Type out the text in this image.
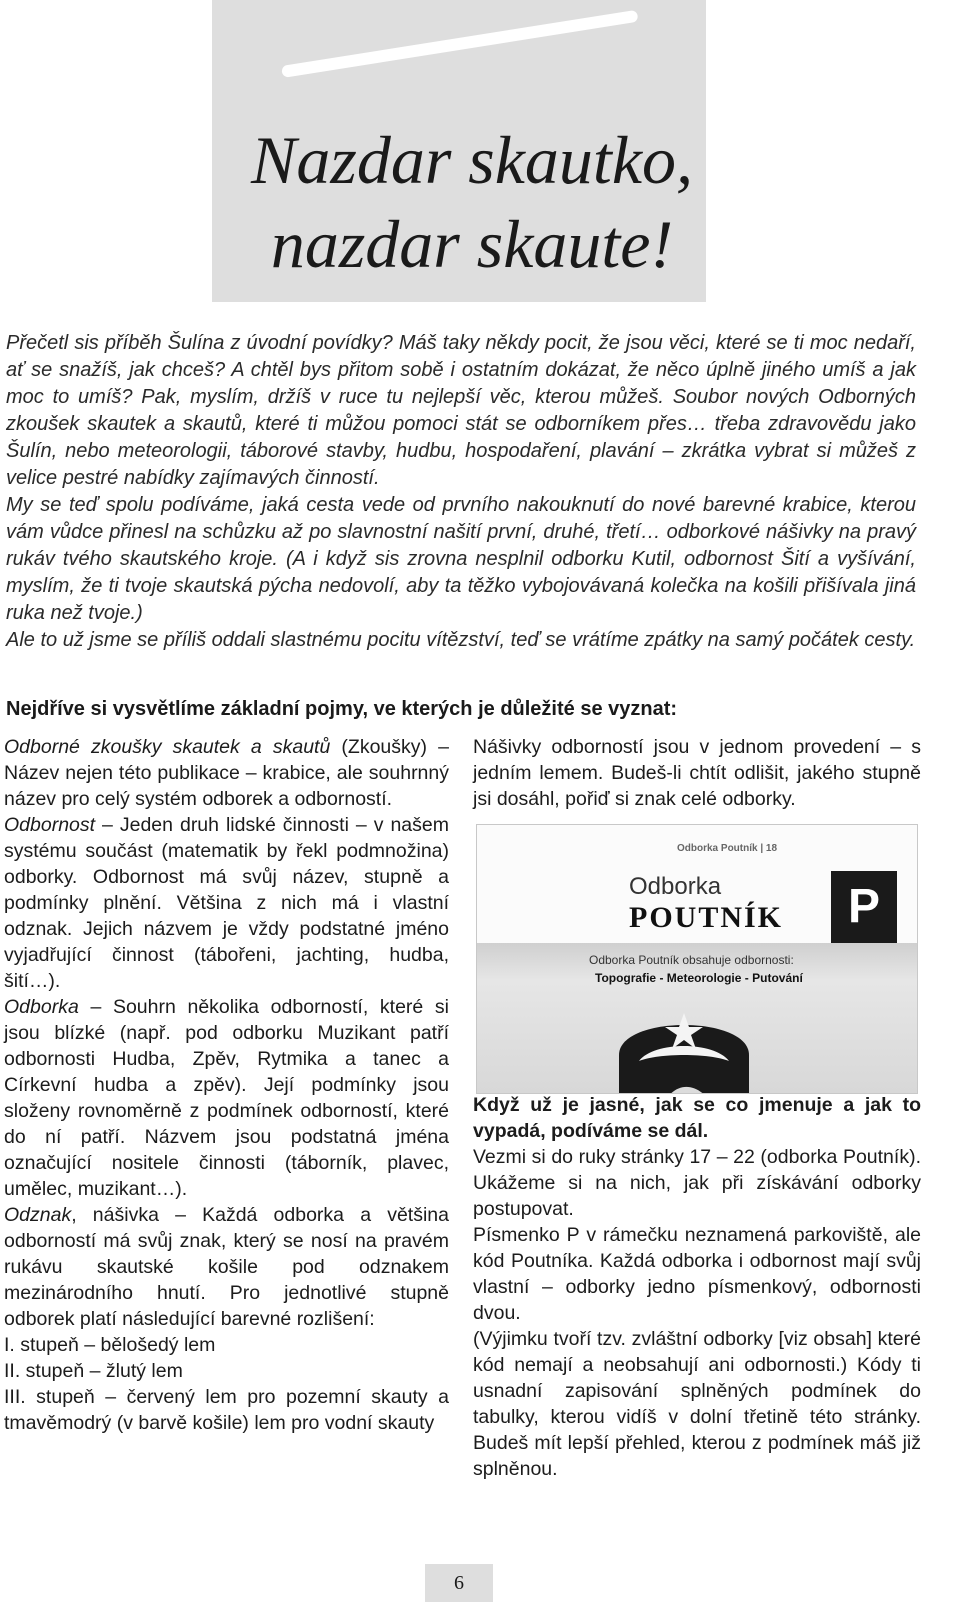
Nazdar skautko,
nazdar skaute!

Přečetl sis příběh Šulína z úvodní povídky? Máš taky někdy pocit, že jsou věci, které se ti moc nedaří, ať se snažíš, jak chceš? A chtěl bys přitom sobě i ostatním dokázat, že něco úplně jiného umíš a jak moc to umíš? Pak, myslím, držíš v ruce tu nejlepší věc, kterou můžeš. Soubor nových Odborných zkoušek skautek a skautů, které ti můžou pomoci stát se odborníkem přes… třeba zdravovědu jako Šulín, nebo meteorologii, táborové stavby, hudbu, hospodaření, plavání – zkrátka vybrat si můžeš z velice pestré nabídky zajímavých činností.

My se teď spolu podíváme, jaká cesta vede od prvního nakouknutí do nové barevné krabice, kterou vám vůdce přinesl na schůzku až po slavnostní našití první, druhé, třetí… odborkové nášivky na pravý rukáv tvého skautského kroje. (A i když sis zrovna nesplnil odborku Kutil, odbornost Šití a vyšívání, myslím, že ti tvoje skautská pýcha nedovolí, aby ta těžko vybojovávaná kolečka na košili přišívala jiná ruka než tvoje.)

Ale to už jsme se příliš oddali slastnému pocitu vítězství, teď se vrátíme zpátky na samý počátek cesty.

Nejdříve si vysvětlíme základní pojmy, ve kterých je důležité se vyznat:

Odborné zkoušky skautek a skautů (Zkoušky) – Název nejen této publikace – krabice, ale souhrnný název pro celý systém odborek a odborností.

Odbornost – Jeden druh lidské činnosti – v našem systému součást (matematik by řekl podmnožina) odborky. Odbornost má svůj název, stupně a podmínky plnění. Většina z nich má i vlastní odznak. Jejich názvem je vždy podstatné jméno vyjadřující činnost (tábořeni, jachting, hudba, šití…).

Odborka – Souhrn několika odborností, které si jsou blízké (např. pod odborku Muzikant patří odbornosti Hudba, Zpěv, Rytmika a tanec a Církevní hudba a zpěv). Její podmínky jsou složeny rovnoměrně z podmínek odborností, které do ní patří. Názvem jsou podstatná jména označující nositele činnosti (táborník, plavec, umělec, muzikant…).

Odznak, nášivka – Každá odborka a většina odborností má svůj znak, který se nosí na pravém rukávu skautské košile pod odznakem mezinárodního hnutí. Pro jednotlivé stupně odborek platí následující barevné rozlišení:

I. stupeň – bělošedý lem

II. stupeň – žlutý lem

III. stupeň – červený lem pro pozemní skauty a tmavěmodrý (v barvě košile) lem pro vodní skauty

Nášivky odborností jsou v jednom provedení – s jedním lemem. Budeš-li chtít odlišit, jakého stupně jsi dosáhl, pořiď si znak celé odborky.

Když už je jasné, jak se co jmenuje a jak to vypadá, podíváme se dál.

Vezmi si do ruky stránky 17 – 22 (odborka Poutník). Ukážeme si na nich, jak při získávání odborky postupovat.

Písmenko P v rámečku neznamená parkoviště, ale kód Poutníka. Každá odborka i odbornost mají svůj vlastní – odborky jedno písmenkový, odbornosti dvou.

(Výjimku tvoří tzv. zvláštní odborky [viz obsah] které kód nemají a neobsahují ani odbornosti.) Kódy ti usnadní zapisování splněných podmínek do tabulky, kterou vidíš v dolní třetině této stránky. Budeš mít lepší přehled, kterou z podmínek máš již splněnou.

Odborka Poutník | 18
Odborka
POUTNÍK	P
Odborka Poutník obsahuje odbornosti:
Topografie - Meteorologie - Putování
6
